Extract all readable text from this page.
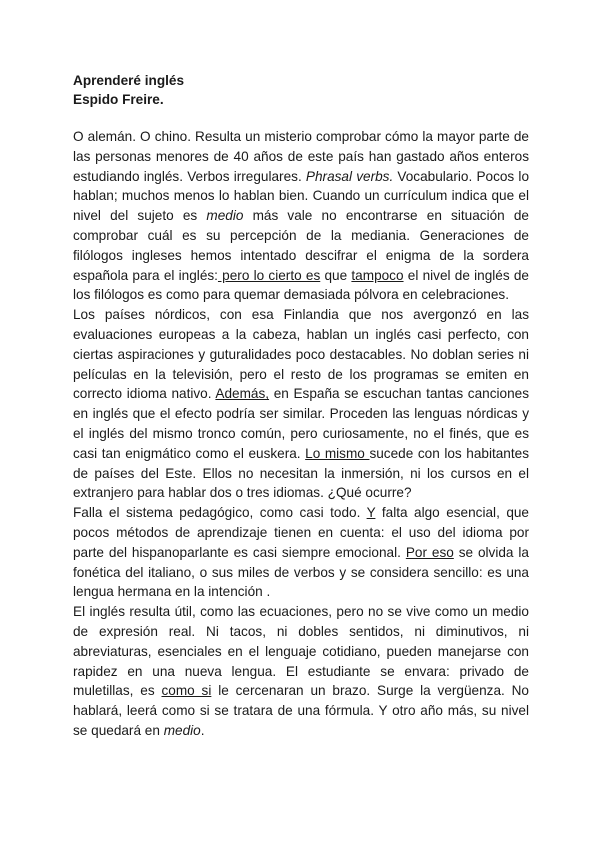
Aprenderé inglés
Espido Freire.

O alemán. O chino. Resulta un misterio comprobar cómo la mayor parte de las personas menores de 40 años de este país han gastado años enteros estudiando inglés. Verbos irregulares. Phrasal verbs. Vocabulario. Pocos lo hablan; muchos menos lo hablan bien. Cuando un currículum indica que el nivel del sujeto es medio más vale no encontrarse en situación de comprobar cuál es su percepción de la mediania. Generaciones de filólogos ingleses hemos intentado descifrar el enigma de la sordera española para el inglés: pero lo cierto es que tampoco el nivel de inglés de los filólogos es como para quemar demasiada pólvora en celebraciones.

Los países nórdicos, con esa Finlandia que nos avergonzó en las evaluaciones europeas a la cabeza, hablan un inglés casi perfecto, con ciertas aspiraciones y guturalidades poco destacables. No doblan series ni películas en la televisión, pero el resto de los programas se emiten en correcto idioma nativo. Además, en España se escuchan tantas canciones en inglés que el efecto podría ser similar. Proceden las lenguas nórdicas y el inglés del mismo tronco común, pero curiosamente, no el finés, que es casi tan enigmático como el euskera. Lo mismo sucede con los habitantes de países del Este. Ellos no necesitan la inmersión, ni los cursos en el extranjero para hablar dos o tres idiomas. ¿Qué ocurre?

Falla el sistema pedagógico, como casi todo. Y falta algo esencial, que pocos métodos de aprendizaje tienen en cuenta: el uso del idioma por parte del hispanoparlante es casi siempre emocional. Por eso se olvida la fonética del italiano, o sus miles de verbos y se considera sencillo: es una lengua hermana en la intención .

El inglés resulta útil, como las ecuaciones, pero no se vive como un medio de expresión real. Ni tacos, ni dobles sentidos, ni diminutivos, ni abreviaturas, esenciales en el lenguaje cotidiano, pueden manejarse con rapidez en una nueva lengua. El estudiante se envara: privado de muletillas, es como si le cercenaran un brazo. Surge la vergüenza. No hablará, leerá como si se tratara de una fórmula. Y otro año más, su nivel se quedará en medio.
